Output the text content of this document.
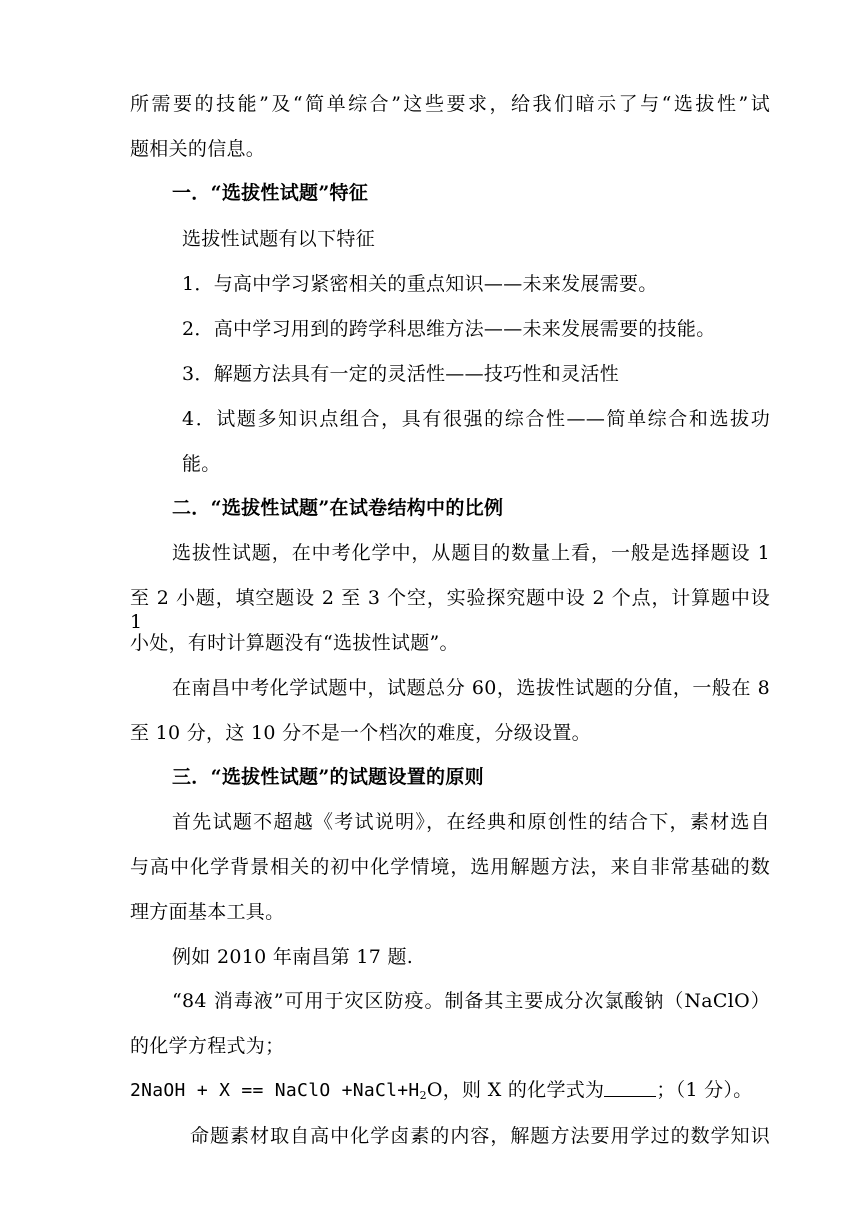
所需要的技能”及“简单综合”这些要求，给我们暗示了与“选拔性”试
题相关的信息。
一．“选拔性试题”特征
选拔性试题有以下特征
1．与高中学习紧密相关的重点知识——未来发展需要。
2．高中学习用到的跨学科思维方法——未来发展需要的技能。
3．解题方法具有一定的灵活性——技巧性和灵活性
4．试题多知识点组合，具有很强的综合性——简单综合和选拔功
能。
二．“选拔性试题”在试卷结构中的比例
选拔性试题，在中考化学中，从题目的数量上看，一般是选择题设 1
至 2 小题，填空题设 2 至 3 个空，实验探究题中设 2 个点，计算题中设 1
小处，有时计算题没有“选拔性试题”。
在南昌中考化学试题中，试题总分 60，选拔性试题的分值，一般在 8
至 10 分，这 10 分不是一个档次的难度，分级设置。
三．“选拔性试题”的试题设置的原则
首先试题不超越《考试说明》，在经典和原创性的结合下，素材选自
与高中化学背景相关的初中化学情境，选用解题方法，来自非常基础的数
理方面基本工具。
例如 2010 年南昌第 17 题.
“84 消毒液”可用于灾区防疫。制备其主要成分次氯酸钠（NaClO）
的化学方程式为；
2NaOH + X == NaClO $+NaCl+H_2O$，则 X 的化学式为	；（1 分）。
命题素材取自高中化学卤素的内容，解题方法要用学过的数学知识
